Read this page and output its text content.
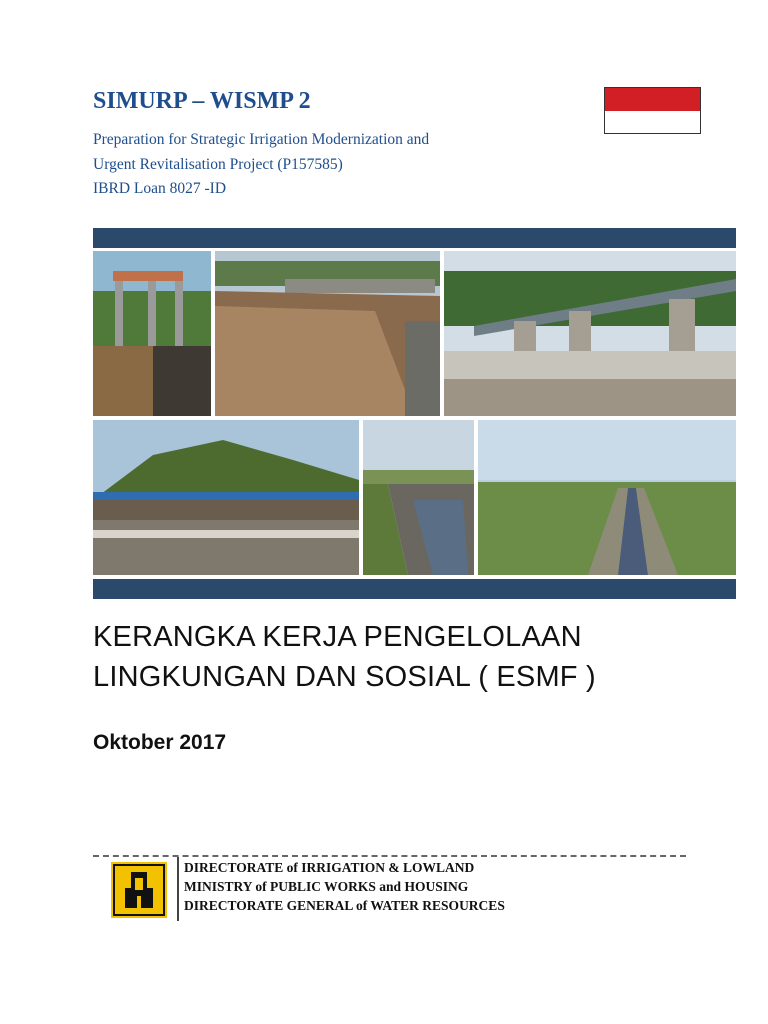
SIMURP – WISMP 2

Preparation for Strategic Irrigation Modernization and

Urgent Revitalisation Project (P157585)

IBRD Loan 8027 -ID

KERANGKA KERJA PENGELOLAAN
LINGKUNGAN DAN SOSIAL ( ESMF )

Oktober 2017

DIRECTORATE of IRRIGATION & LOWLAND

MINISTRY of PUBLIC WORKS and HOUSING

DIRECTORATE GENERAL of WATER RESOURCES
